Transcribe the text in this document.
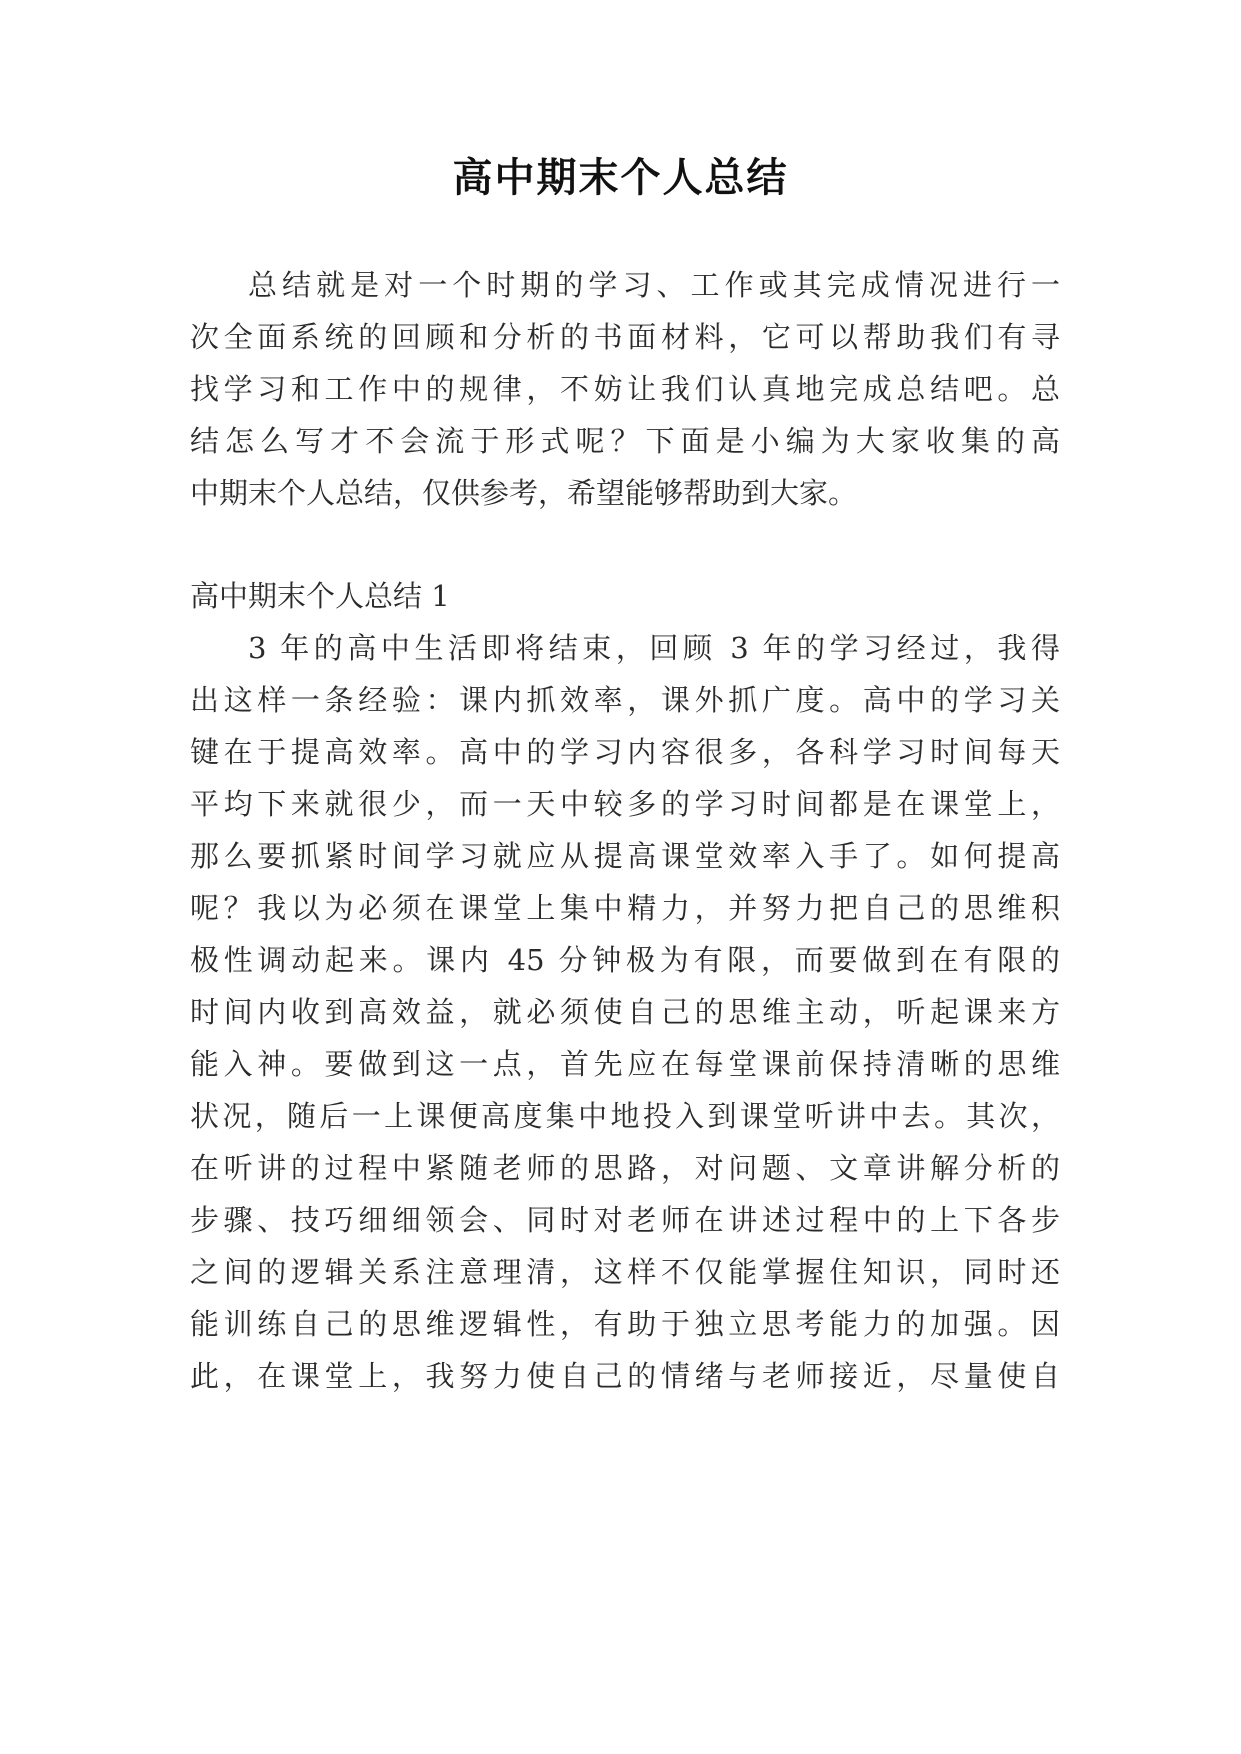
高中期末个人总结
总结就是对一个时期的学习、工作或其完成情况进行一
次全面系统的回顾和分析的书面材料，它可以帮助我们有寻
找学习和工作中的规律，不妨让我们认真地完成总结吧。总
结怎么写才不会流于形式呢？下面是小编为大家收集的高
中期末个人总结，仅供参考，希望能够帮助到大家。
高中期末个人总结 1
3 年的高中生活即将结束，回顾 3 年的学习经过，我得
出这样一条经验：课内抓效率，课外抓广度。高中的学习关
键在于提高效率。高中的学习内容很多，各科学习时间每天
平均下来就很少，而一天中较多的学习时间都是在课堂上，
那么要抓紧时间学习就应从提高课堂效率入手了。如何提高
呢？我以为必须在课堂上集中精力，并努力把自己的思维积
极性调动起来。课内 45 分钟极为有限，而要做到在有限的
时间内收到高效益，就必须使自己的思维主动，听起课来方
能入神。要做到这一点，首先应在每堂课前保持清晰的思维
状况，随后一上课便高度集中地投入到课堂听讲中去。其次，
在听讲的过程中紧随老师的思路，对问题、文章讲解分析的
步骤、技巧细细领会、同时对老师在讲述过程中的上下各步
之间的逻辑关系注意理清，这样不仅能掌握住知识，同时还
能训练自己的思维逻辑性，有助于独立思考能力的加强。因
此，在课堂上，我努力使自己的情绪与老师接近，尽量使自
